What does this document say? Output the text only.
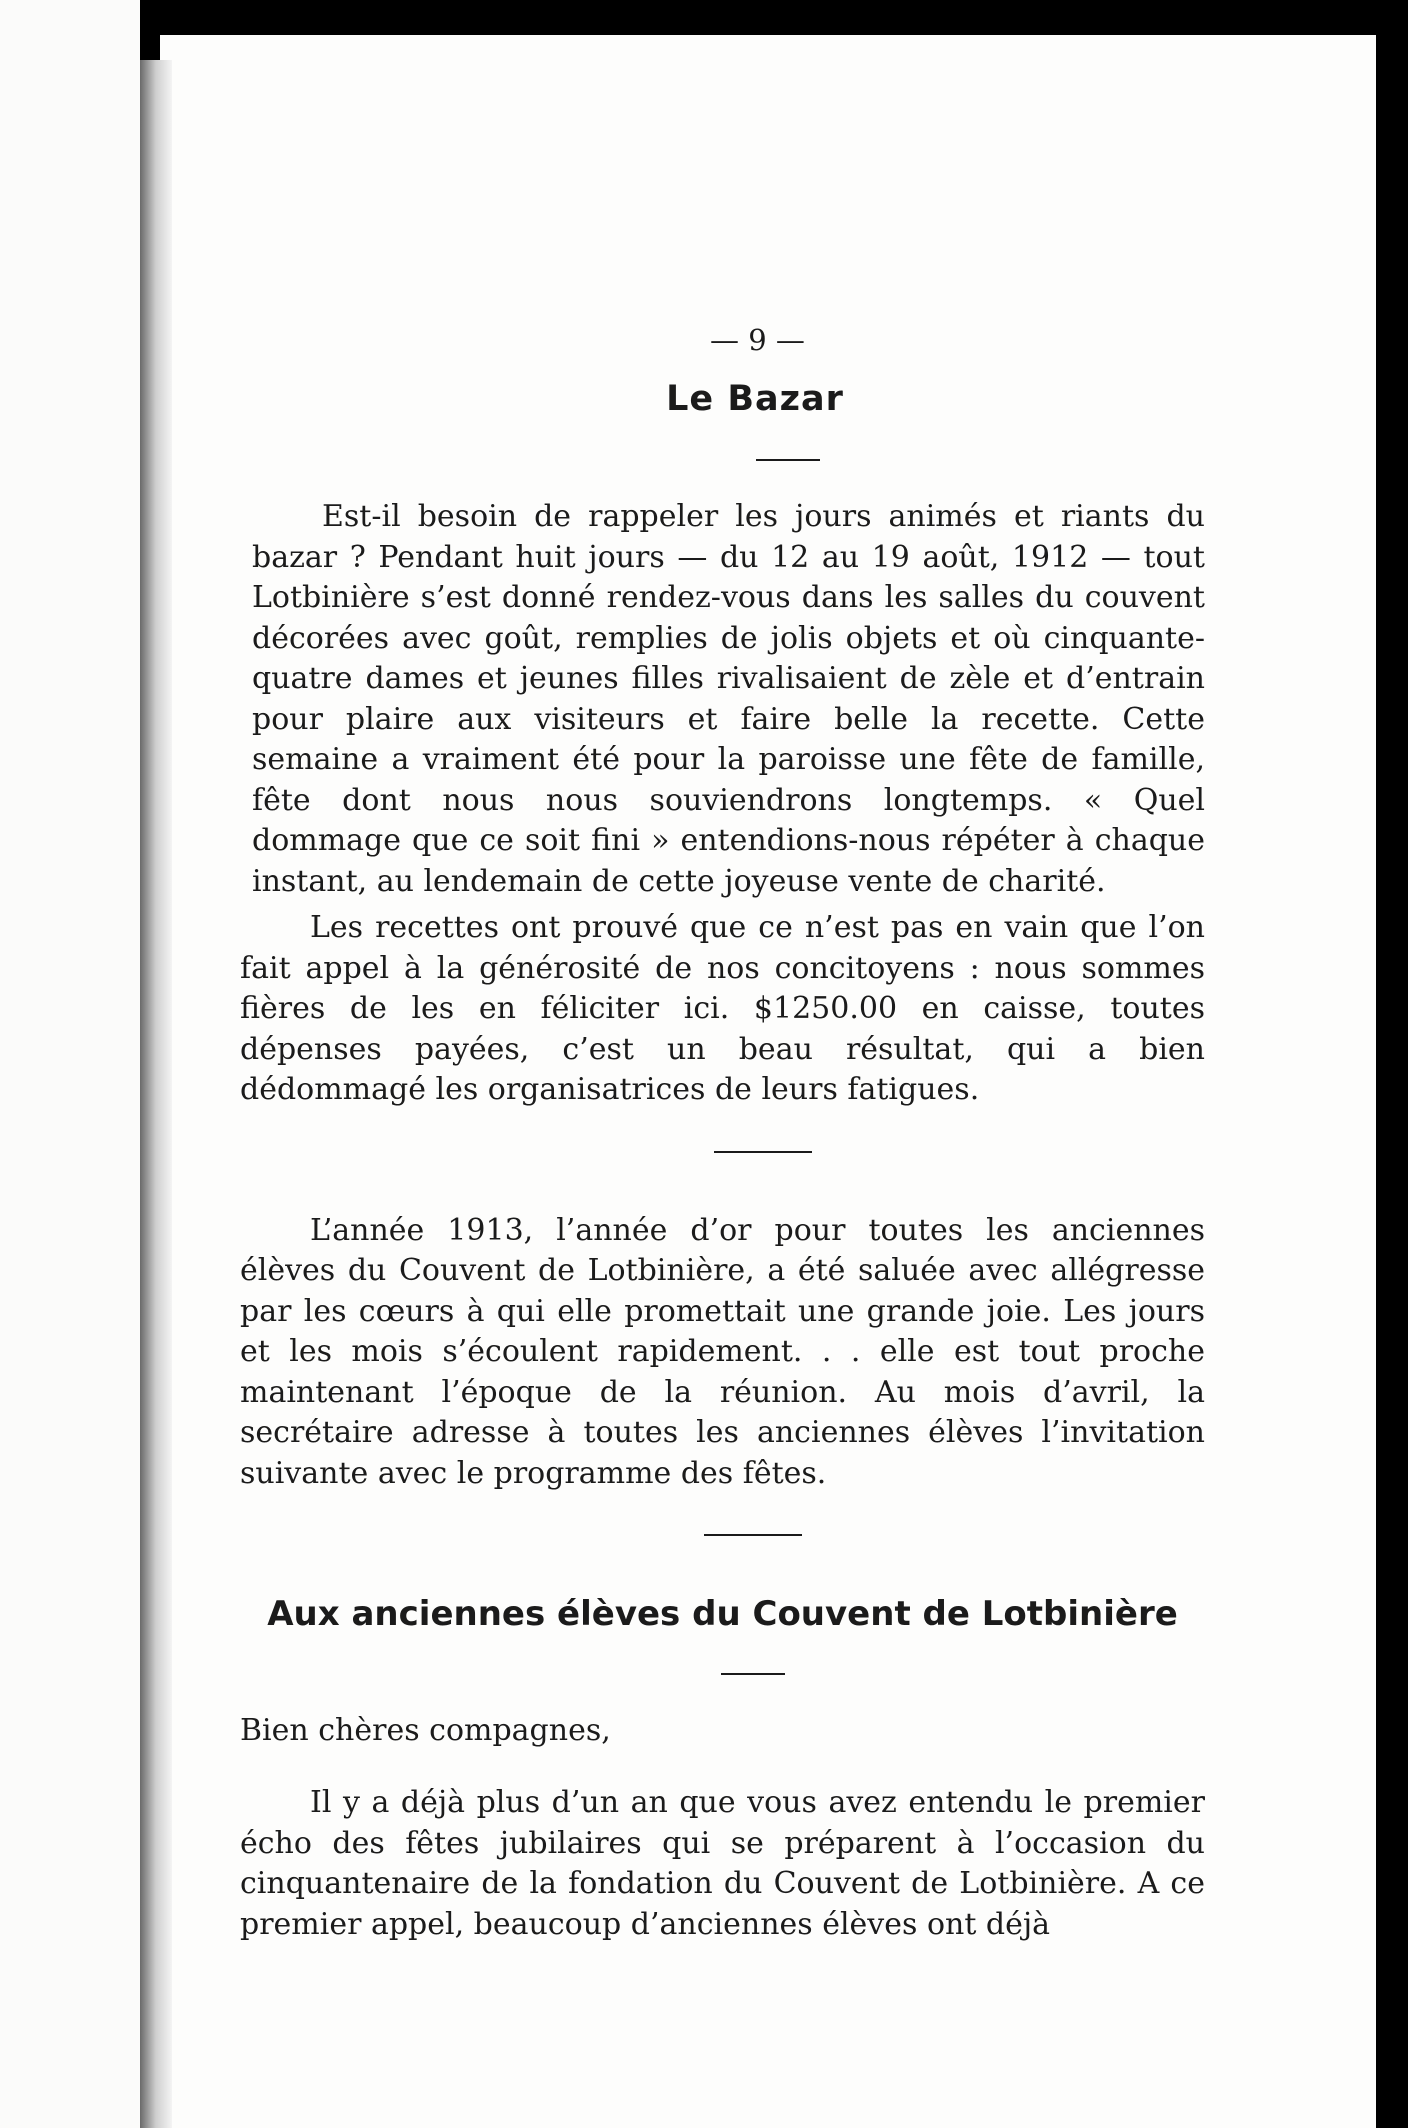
— 9 —
Le Bazar

Est-il besoin de rappeler les jours animés et riants du bazar ? Pendant huit jours — du 12 au 19 août, 1912 — tout Lotbinière s’est donné rendez-vous dans les salles du couvent décorées avec goût, remplies de jolis objets et où cinquante-quatre dames et jeunes filles rivalisaient de zèle et d’entrain pour plaire aux visiteurs et faire belle la recette. Cette semaine a vraiment été pour la paroisse une fête de famille, fête dont nous nous souviendrons longtemps. « Quel dommage que ce soit fini » entendions-nous répéter à chaque instant, au lendemain de cette joyeuse vente de charité.

Les recettes ont prouvé que ce n’est pas en vain que l’on fait appel à la générosité de nos concitoyens : nous sommes fières de les en féliciter ici. $1250.00 en caisse, toutes dépenses payées, c’est un beau résultat, qui a bien dédommagé les organisatrices de leurs fatigues.

L’année 1913, l’année d’or pour toutes les anciennes élèves du Couvent de Lotbinière, a été saluée avec allégresse par les cœurs à qui elle promettait une grande joie. Les jours et les mois s’écoulent rapidement. . . elle est tout proche maintenant l’époque de la réunion. Au mois d’avril, la secrétaire adresse à toutes les anciennes élèves l’invitation suivante avec le programme des fêtes.

Aux anciennes élèves du Couvent de Lotbinière

Bien chères compagnes,

Il y a déjà plus d’un an que vous avez entendu le premier écho des fêtes jubilaires qui se préparent à l’occasion du cinquantenaire de la fondation du Couvent de Lotbinière. A ce premier appel, beaucoup d’anciennes élèves ont déjà
